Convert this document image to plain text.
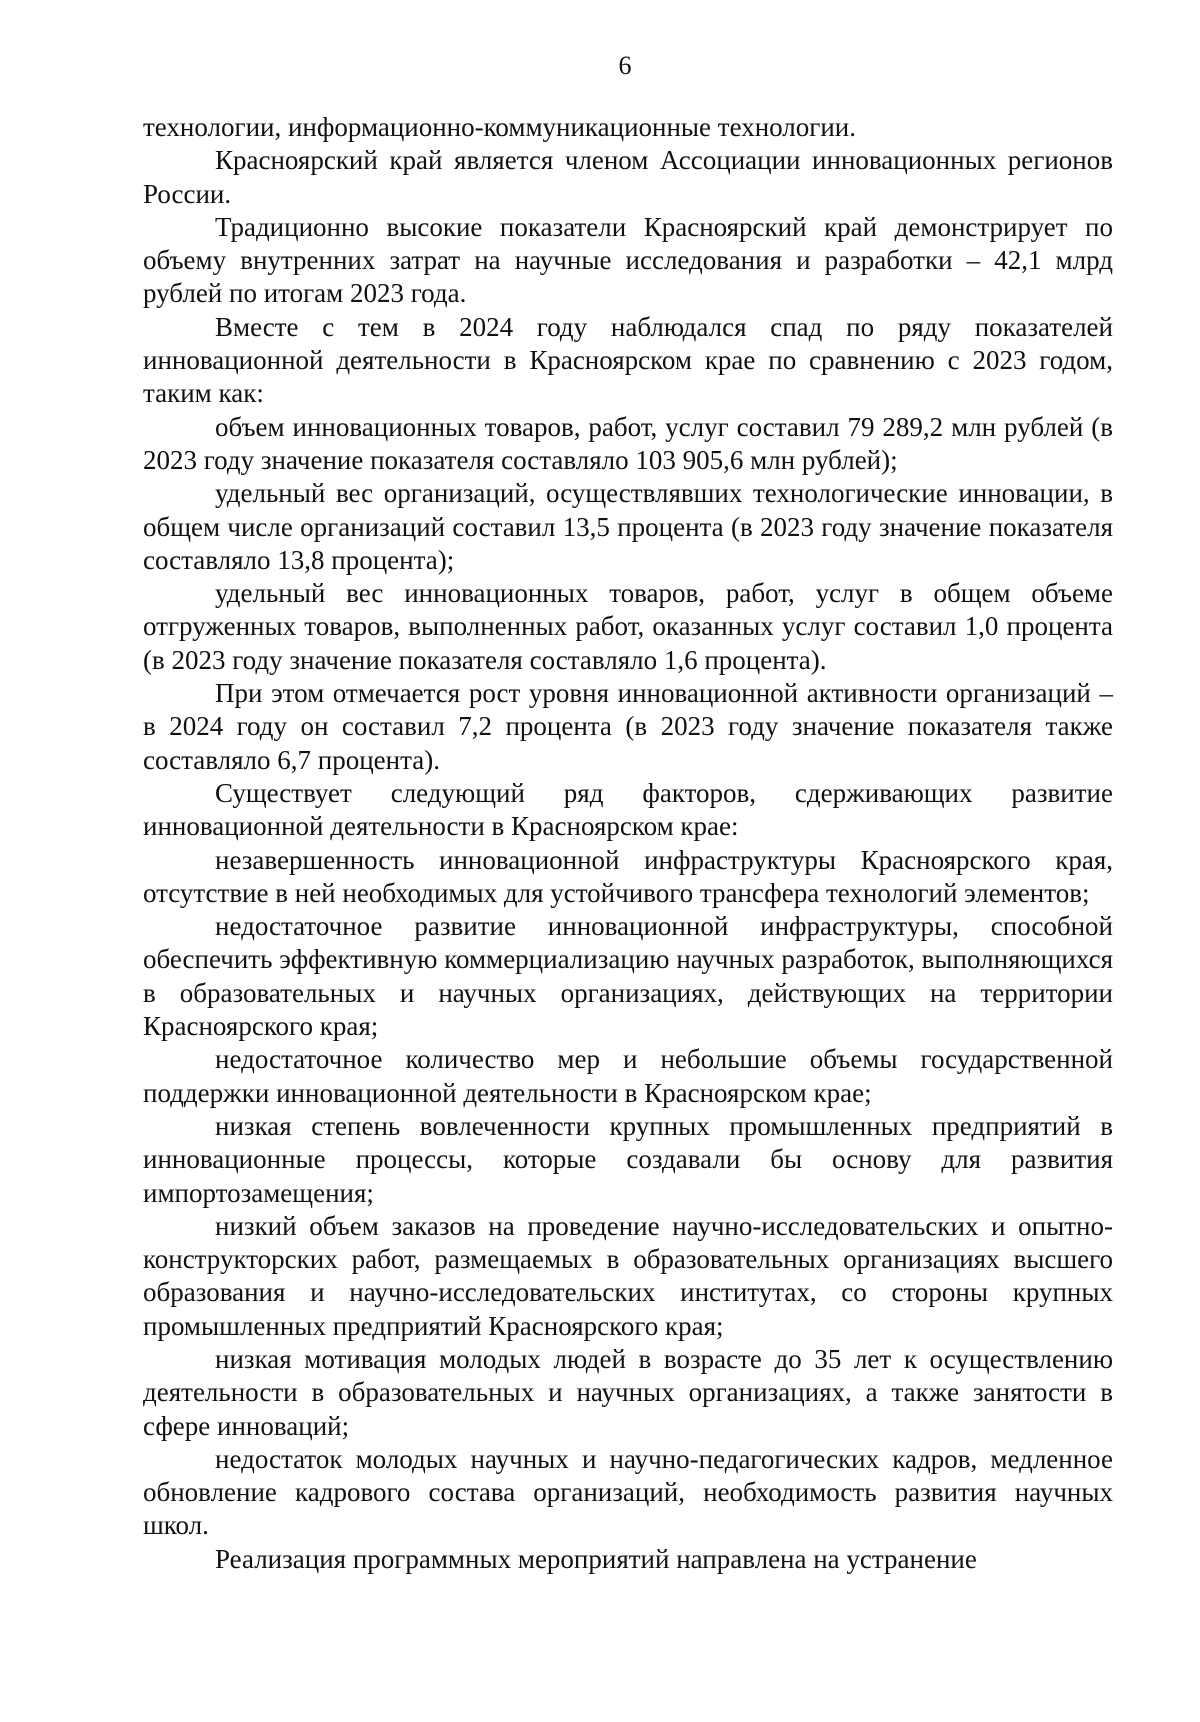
6

технологии, информационно-коммуникационные технологии.

Красноярский край является членом Ассоциации инновационных регионов России.

Традиционно высокие показатели Красноярский край демонстрирует по объему внутренних затрат на научные исследования и разработки – 42,1 млрд рублей по итогам 2023 года.

Вместе с тем в 2024 году наблюдался спад по ряду показателей инновационной деятельности в Красноярском крае по сравнению с 2023 годом, таким как:

объем инновационных товаров, работ, услуг составил 79 289,2 млн рублей (в 2023 году значение показателя составляло 103 905,6 млн рублей);

удельный вес организаций, осуществлявших технологические инновации, в общем числе организаций составил 13,5 процента (в 2023 году значение показателя составляло 13,8 процента);

удельный вес инновационных товаров, работ, услуг в общем объеме отгруженных товаров, выполненных работ, оказанных услуг составил 1,0 процента (в 2023 году значение показателя составляло 1,6 процента).

При этом отмечается рост уровня инновационной активности организаций – в 2024 году он составил 7,2 процента (в 2023 году значение показателя также составляло 6,7 процента).

Существует следующий ряд факторов, сдерживающих развитие инновационной деятельности в Красноярском крае:

незавершенность инновационной инфраструктуры Красноярского края, отсутствие в ней необходимых для устойчивого трансфера технологий элементов;

недостаточное развитие инновационной инфраструктуры, способной обеспечить эффективную коммерциализацию научных разработок, выполняющихся в образовательных и научных организациях, действующих на территории Красноярского края;

недостаточное количество мер и небольшие объемы государственной поддержки инновационной деятельности в Красноярском крае;

низкая степень вовлеченности крупных промышленных предприятий в инновационные процессы, которые создавали бы основу для развития импортозамещения;

низкий объем заказов на проведение научно-исследовательских и опытно-конструкторских работ, размещаемых в образовательных организациях высшего образования и научно-исследовательских институтах, со стороны крупных промышленных предприятий Красноярского края;

низкая мотивация молодых людей в возрасте до 35 лет к осуществлению деятельности в образовательных и научных организациях, а также занятости в сфере инноваций;

недостаток молодых научных и научно-педагогических кадров, медленное обновление кадрового состава организаций, необходимость развития научных школ.

Реализация программных мероприятий направлена на устранение
